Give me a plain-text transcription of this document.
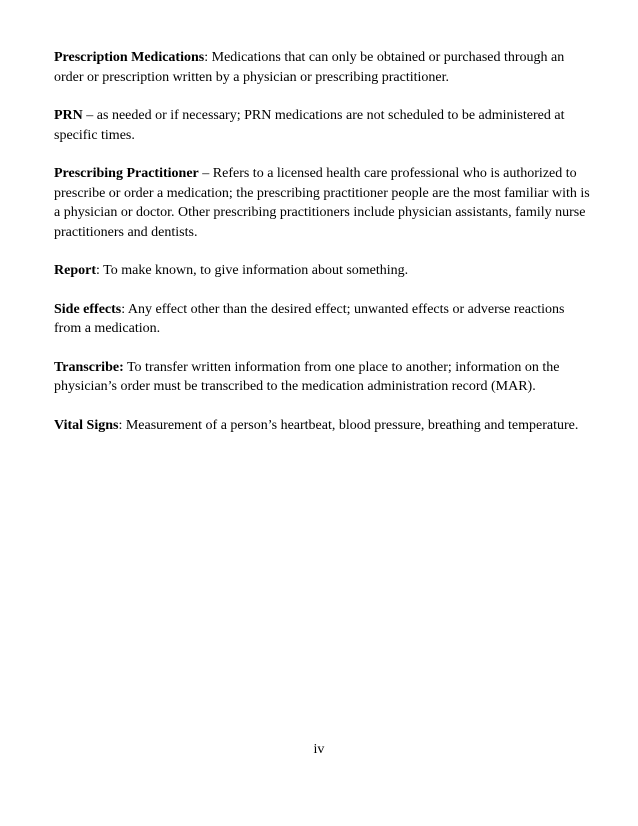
Prescription Medications: Medications that can only be obtained or purchased through an order or prescription written by a physician or prescribing practitioner.

PRN – as needed or if necessary; PRN medications are not scheduled to be administered at specific times.

Prescribing Practitioner – Refers to a licensed health care professional who is authorized to prescribe or order a medication; the prescribing practitioner people are the most familiar with is a physician or doctor. Other prescribing practitioners include physician assistants, family nurse practitioners and dentists.

Report: To make known, to give information about something.

Side effects: Any effect other than the desired effect; unwanted effects or adverse reactions from a medication.

Transcribe: To transfer written information from one place to another; information on the physician’s order must be transcribed to the medication administration record (MAR).

Vital Signs: Measurement of a person’s heartbeat, blood pressure, breathing and temperature.

iv
